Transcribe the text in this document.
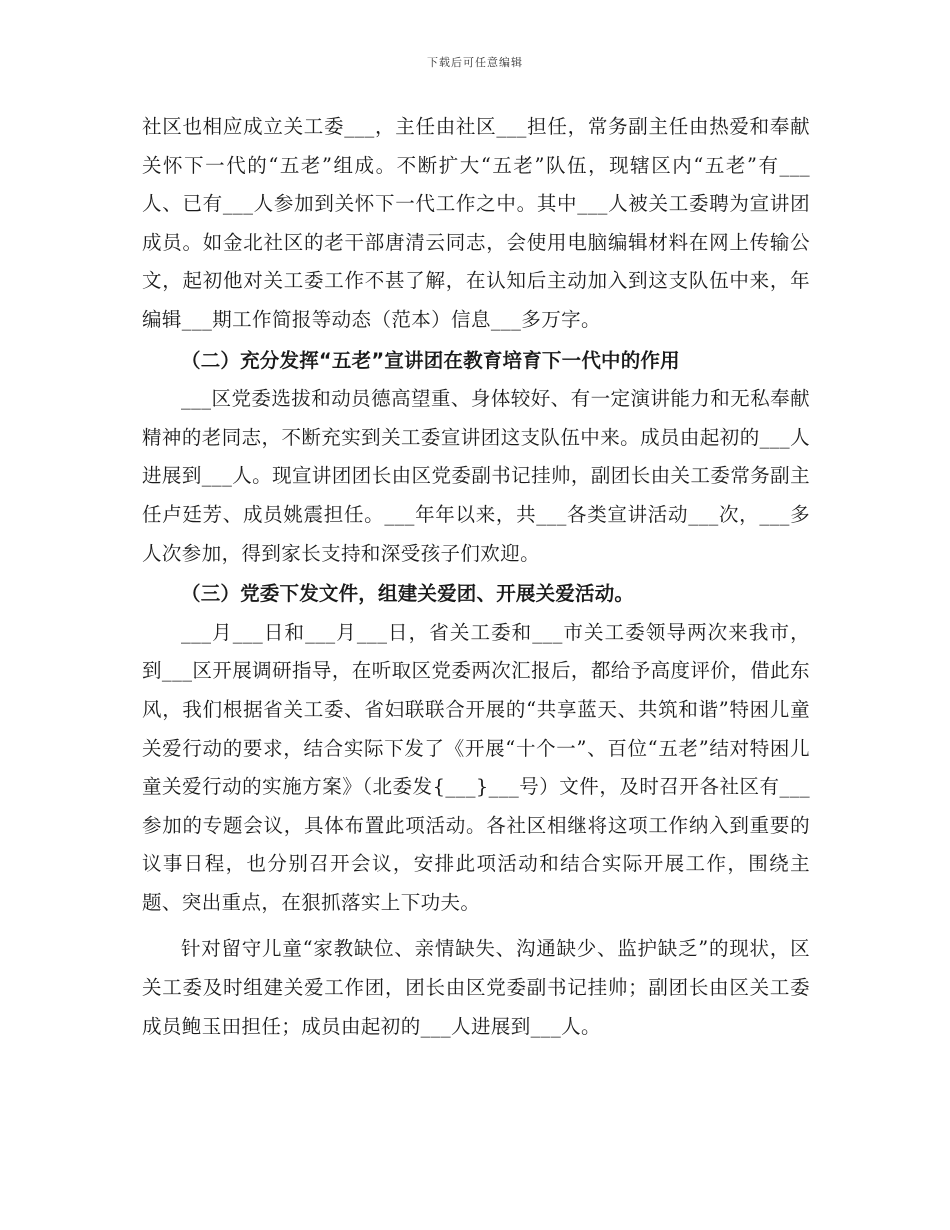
下载后可任意编辑

社区也相应成立关工委___，主任由社区___担任，常务副主任由热爱和奉献关怀下一代的“五老”组成。不断扩大“五老”队伍，现辖区内“五老”有___人、已有___人参加到关怀下一代工作之中。其中___人被关工委聘为宣讲团成员。如金北社区的老干部唐清云同志，会使用电脑编辑材料在网上传输公文，起初他对关工委工作不甚了解，在认知后主动加入到这支队伍中来，年编辑___期工作简报等动态（范本）信息___多万字。

（二）充分发挥“五老”宣讲团在教育培育下一代中的作用

___区党委选拔和动员德高望重、身体较好、有一定演讲能力和无私奉献精神的老同志，不断充实到关工委宣讲团这支队伍中来。成员由起初的___人进展到___人。现宣讲团团长由区党委副书记挂帅，副团长由关工委常务副主任卢廷芳、成员姚震担任。___年年以来，共___各类宣讲活动___次，___多人次参加，得到家长支持和深受孩子们欢迎。

（三）党委下发文件，组建关爱团、开展关爱活动。

___月___日和___月___日，省关工委和___市关工委领导两次来我市，到___区开展调研指导，在听取区党委两次汇报后，都给予高度评价，借此东风，我们根据省关工委、省妇联联合开展的“共享蓝天、共筑和谐”特困儿童关爱行动的要求，结合实际下发了《开展“十个一”、百位“五老”结对特困儿童关爱行动的实施方案》（北委发{___}___号）文件，及时召开各社区有___参加的专题会议，具体布置此项活动。各社区相继将这项工作纳入到重要的议事日程，也分别召开会议，安排此项活动和结合实际开展工作，围绕主题、突出重点，在狠抓落实上下功夫。

针对留守儿童“家教缺位、亲情缺失、沟通缺少、监护缺乏”的现状，区关工委及时组建关爱工作团，团长由区党委副书记挂帅；副团长由区关工委成员鲍玉田担任；成员由起初的___人进展到___人。
